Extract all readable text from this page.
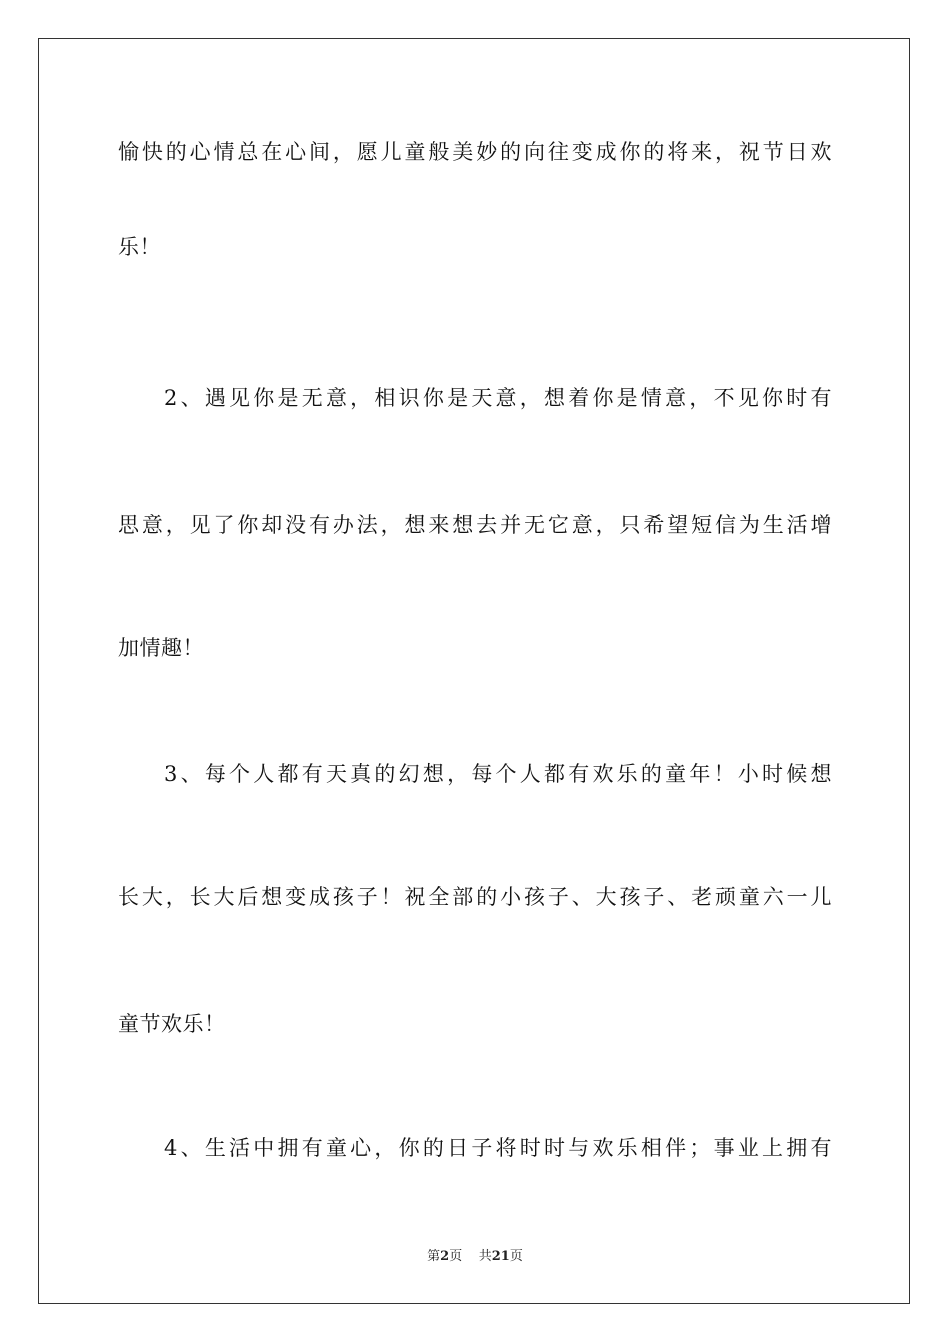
愉快的心情总在心间，愿儿童般美妙的向往变成你的将来，祝节日欢
乐！
2、遇见你是无意，相识你是天意，想着你是情意，不见你时有
思意，见了你却没有办法，想来想去并无它意，只希望短信为生活增
加情趣！
3、每个人都有天真的幻想，每个人都有欢乐的童年！小时候想
长大，长大后想变成孩子！祝全部的小孩子、大孩子、老顽童六一儿
童节欢乐！
4、生活中拥有童心，你的日子将时时与欢乐相伴；事业上拥有
第2页 共21页
